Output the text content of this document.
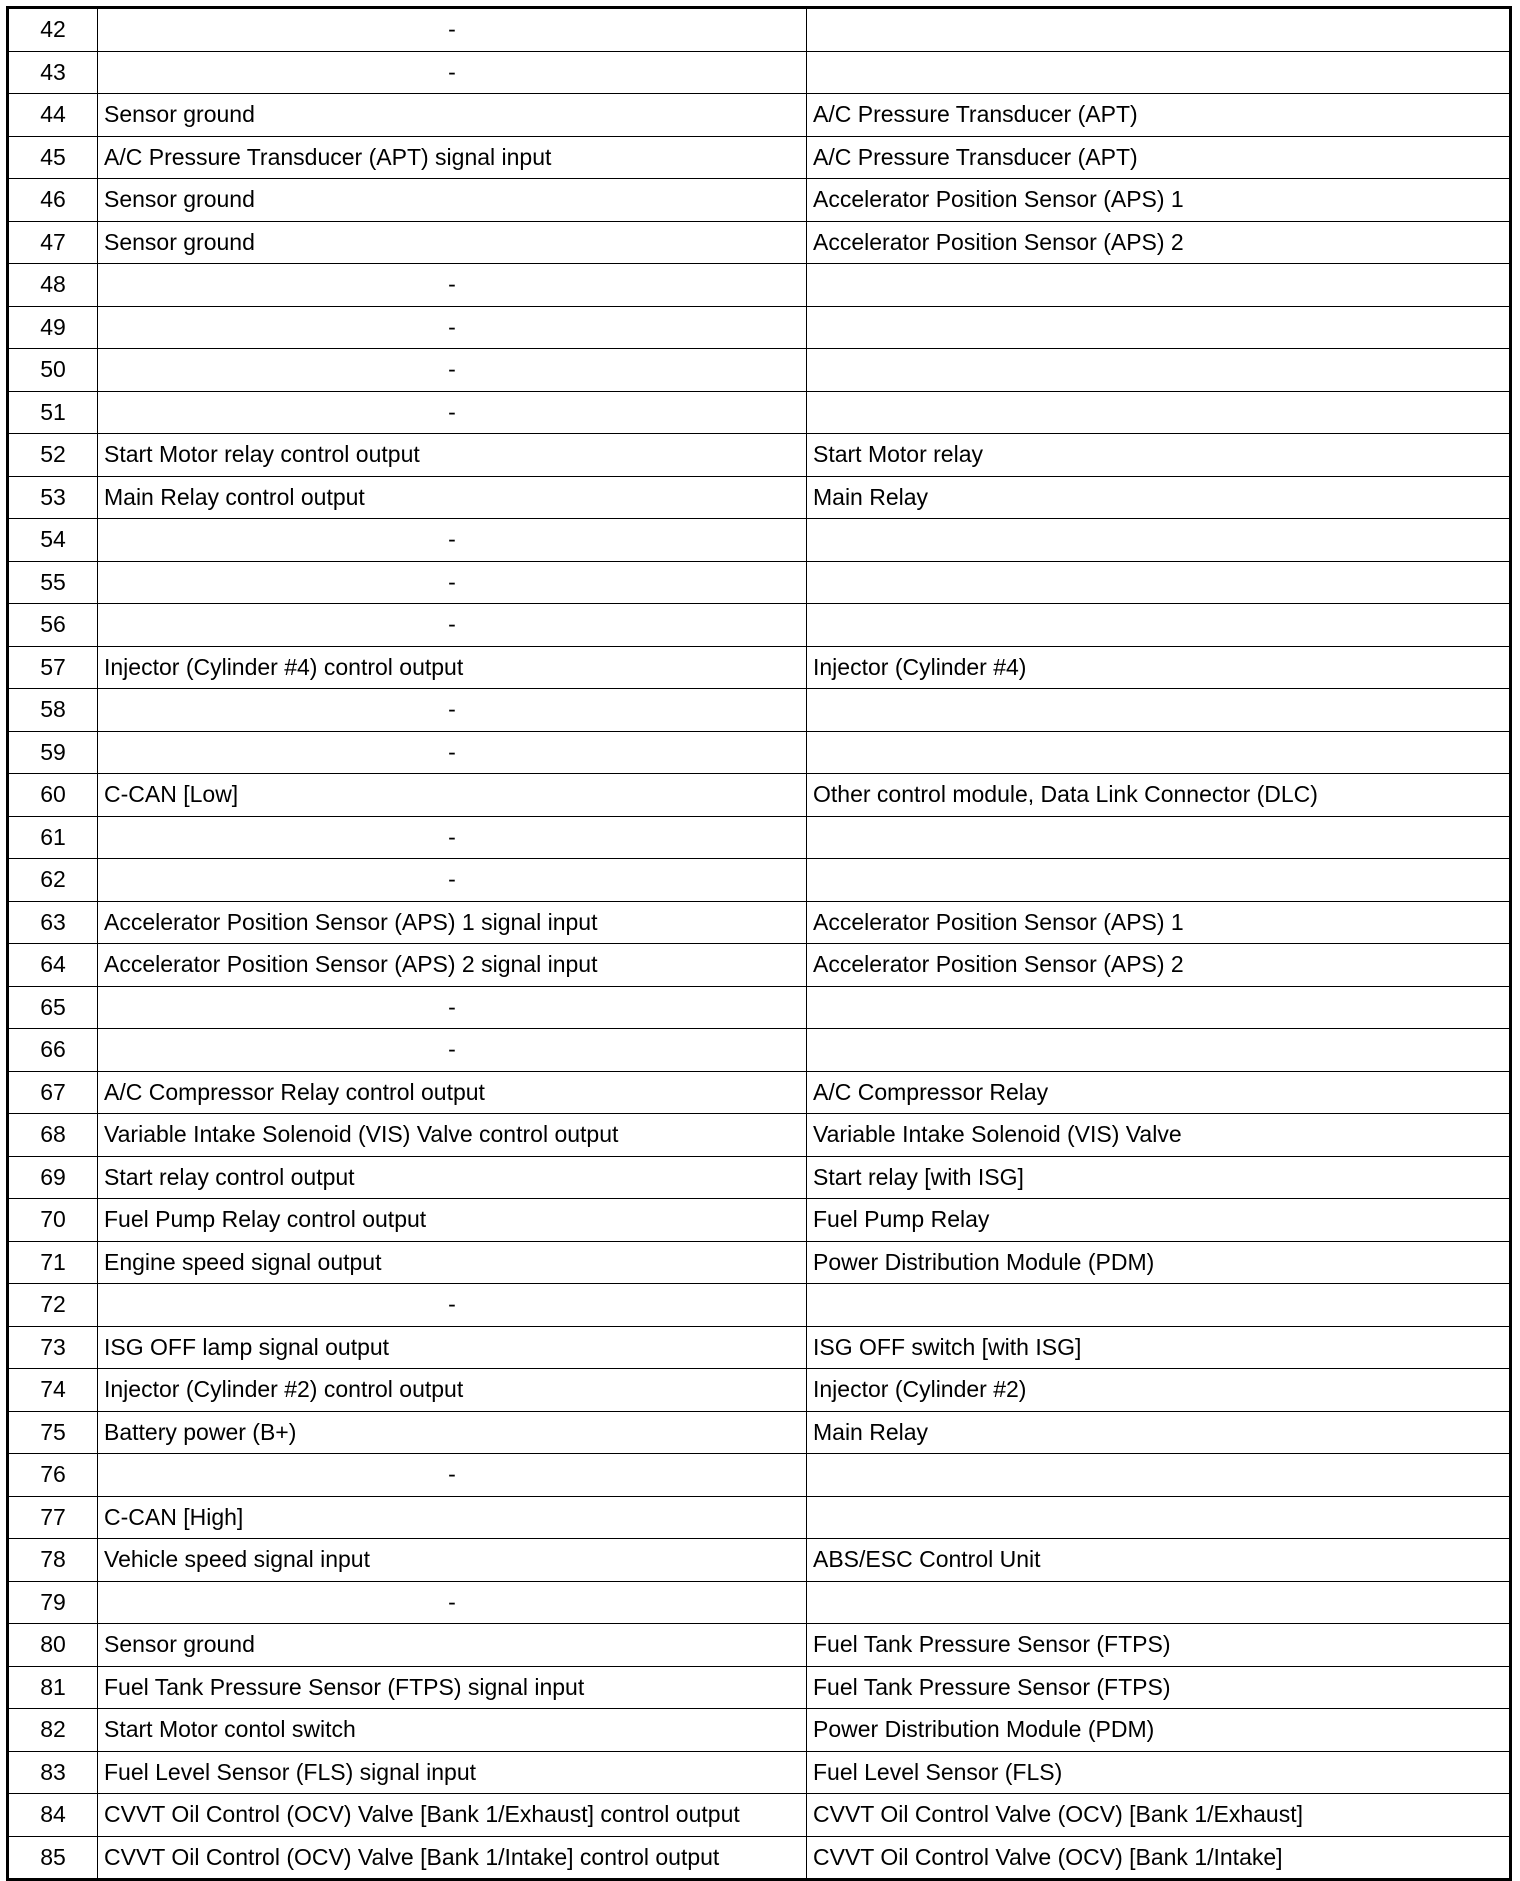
42	-	
43	-	
44	Sensor ground	A/C Pressure Transducer (APT)
45	A/C Pressure Transducer (APT) signal input	A/C Pressure Transducer (APT)
46	Sensor ground	Accelerator Position Sensor (APS) 1
47	Sensor ground	Accelerator Position Sensor (APS) 2
48	-	
49	-	
50	-	
51	-	
52	Start Motor relay control output	Start Motor relay
53	Main Relay control output	Main Relay
54	-	
55	-	
56	-	
57	Injector (Cylinder #4) control output	Injector (Cylinder #4)
58	-	
59	-	
60	C-CAN [Low]	Other control module, Data Link Connector (DLC)
61	-	
62	-	
63	Accelerator Position Sensor (APS) 1 signal input	Accelerator Position Sensor (APS) 1
64	Accelerator Position Sensor (APS) 2 signal input	Accelerator Position Sensor (APS) 2
65	-	
66	-	
67	A/C Compressor Relay control output	A/C Compressor Relay
68	Variable Intake Solenoid (VIS) Valve control output	Variable Intake Solenoid (VIS) Valve
69	Start relay control output	Start relay [with ISG]
70	Fuel Pump Relay control output	Fuel Pump Relay
71	Engine speed signal output	Power Distribution Module (PDM)
72	-	
73	ISG OFF lamp signal output	ISG OFF switch [with ISG]
74	Injector (Cylinder #2) control output	Injector (Cylinder #2)
75	Battery power (B+)	Main Relay
76	-	
77	C-CAN [High]	
78	Vehicle speed signal input	ABS/ESC Control Unit
79	-	
80	Sensor ground	Fuel Tank Pressure Sensor (FTPS)
81	Fuel Tank Pressure Sensor (FTPS) signal input	Fuel Tank Pressure Sensor (FTPS)
82	Start Motor contol switch	Power Distribution Module (PDM)
83	Fuel Level Sensor (FLS) signal input	Fuel Level Sensor (FLS)
84	CVVT Oil Control (OCV) Valve [Bank 1/Exhaust] control output	CVVT Oil Control Valve (OCV) [Bank 1/Exhaust]
85	CVVT Oil Control (OCV) Valve [Bank 1/Intake] control output	CVVT Oil Control Valve (OCV) [Bank 1/Intake]
